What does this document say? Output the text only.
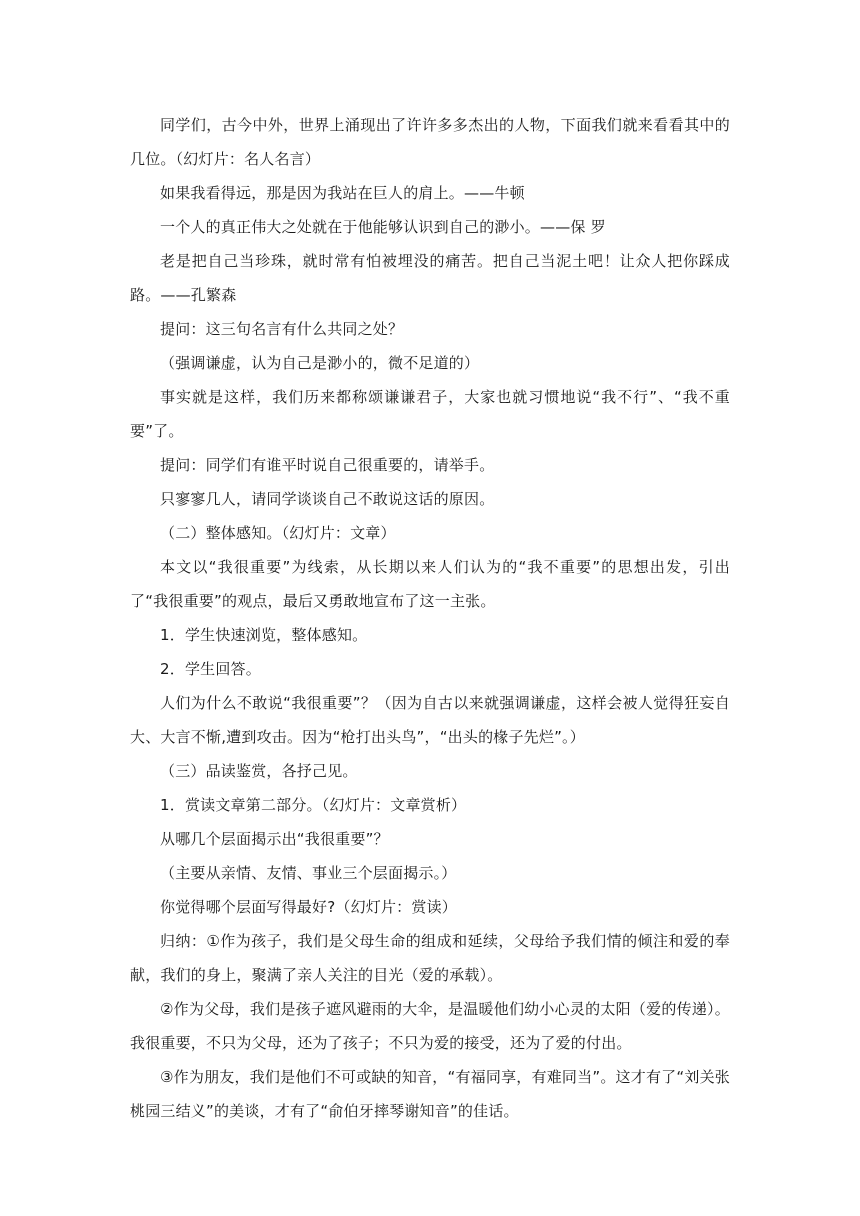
同学们，古今中外，世界上涌现出了许许多多杰出的人物，下面我们就来看看其中的几位。（幻灯片：名人名言）

如果我看得远，那是因为我站在巨人的肩上。——牛顿

一个人的真正伟大之处就在于他能够认识到自己的渺小。——保 罗

老是把自己当珍珠，就时常有怕被埋没的痛苦。把自己当泥土吧！让众人把你踩成路。——孔繁森

提问：这三句名言有什么共同之处？

（强调谦虚，认为自己是渺小的，微不足道的）

事实就是这样，我们历来都称颂谦谦君子，大家也就习惯地说“我不行”、“我不重要”了。

提问：同学们有谁平时说自己很重要的，请举手。

只寥寥几人，请同学谈谈自己不敢说这话的原因。

（二）整体感知。（幻灯片：文章）

本文以“我很重要”为线索，从长期以来人们认为的“我不重要”的思想出发，引出了“我很重要”的观点，最后又勇敢地宣布了这一主张。

1．学生快速浏览，整体感知。

2．学生回答。

人们为什么不敢说“我很重要”？（因为自古以来就强调谦虚，这样会被人觉得狂妄自大、大言不惭,遭到攻击。因为“枪打出头鸟”，“出头的椽子先烂”。）

（三）品读鉴赏，各抒己见。

1．赏读文章第二部分。（幻灯片：文章赏析）

从哪几个层面揭示出“我很重要”？

（主要从亲情、友情、事业三个层面揭示。）

你觉得哪个层面写得最好?（幻灯片：赏读）

归纳：①作为孩子，我们是父母生命的组成和延续，父母给予我们情的倾注和爱的奉献，我们的身上，聚满了亲人关注的目光（爱的承载）。

②作为父母，我们是孩子遮风避雨的大伞，是温暖他们幼小心灵的太阳（爱的传递）。我很重要，不只为父母，还为了孩子；不只为爱的接受，还为了爱的付出。

③作为朋友，我们是他们不可或缺的知音，“有福同享，有难同当”。这才有了“刘关张桃园三结义”的美谈，才有了“俞伯牙摔琴谢知音”的佳话。
